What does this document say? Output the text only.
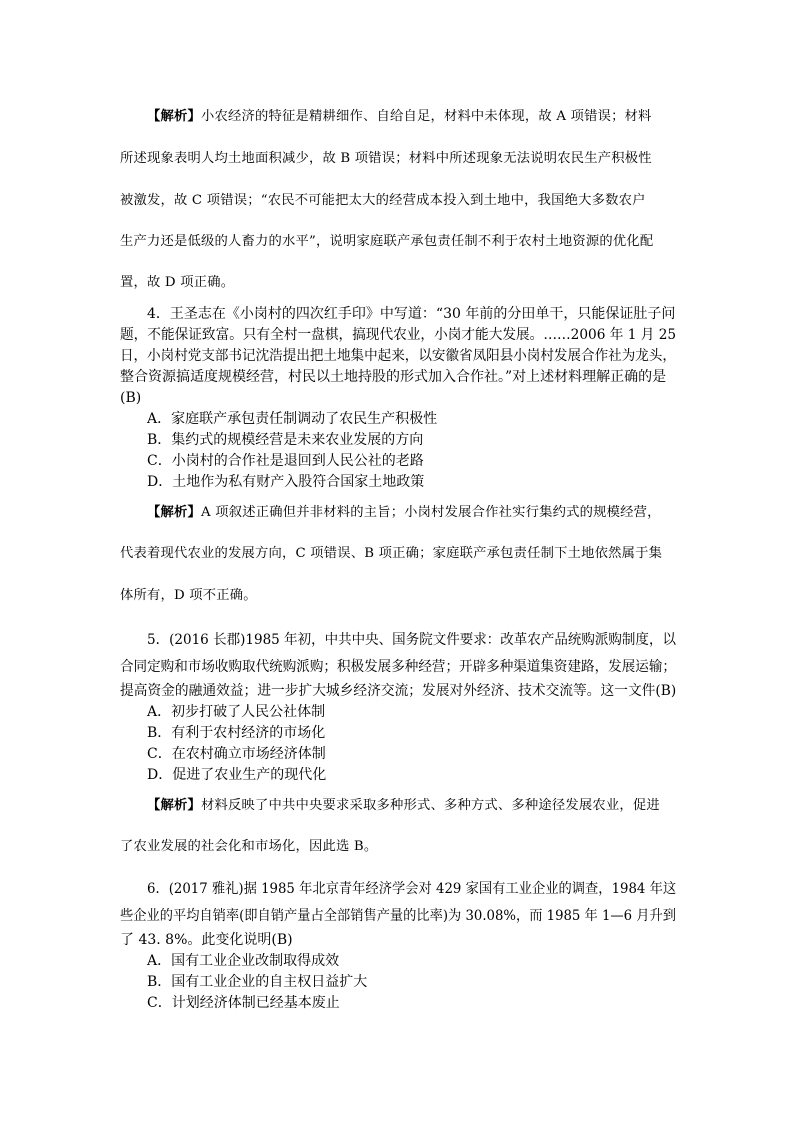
【解析】小农经济的特征是精耕细作、自给自足，材料中未体现，故 A 项错误；材料
所述现象表明人均土地面积减少，故 B 项错误；材料中所述现象无法说明农民生产积极性
被激发，故 C 项错误；“农民不可能把太大的经营成本投入到土地中，我国绝大多数农户
生产力还是低级的人畜力的水平”，说明家庭联产承包责任制不利于农村土地资源的优化配
置，故 D 项正确。
4．王圣志在《小岗村的四次红手印》中写道：“30 年前的分田单干，只能保证肚子问
题，不能保证致富。只有全村一盘棋，搞现代农业，小岗才能大发展。……2006 年 1 月 25
日，小岗村党支部书记沈浩提出把土地集中起来，以安徽省凤阳县小岗村发展合作社为龙头，
整合资源搞适度规模经营，村民以土地持股的形式加入合作社。”对上述材料理解正确的是
(B)
A．家庭联产承包责任制调动了农民生产积极性
B．集约式的规模经营是未来农业发展的方向
C．小岗村的合作社是退回到人民公社的老路
D．土地作为私有财产入股符合国家土地政策
【解析】A 项叙述正确但并非材料的主旨；小岗村发展合作社实行集约式的规模经营，
代表着现代农业的发展方向，C 项错误、B 项正确；家庭联产承包责任制下土地依然属于集
体所有，D 项不正确。
5．(2016 长郡)1985 年初，中共中央、国务院文件要求：改革农产品统购派购制度，以
合同定购和市场收购取代统购派购；积极发展多种经营；开辟多种渠道集资建路，发展运输；
提高资金的融通效益；进一步扩大城乡经济交流；发展对外经济、技术交流等。这一文件(B)
A．初步打破了人民公社体制
B．有利于农村经济的市场化
C．在农村确立市场经济体制
D．促进了农业生产的现代化
【解析】材料反映了中共中央要求采取多种形式、多种方式、多种途径发展农业，促进
了农业发展的社会化和市场化，因此选 B。
6．(2017 雅礼)据 1985 年北京青年经济学会对 429 家国有工业企业的调查，1984 年这
些企业的平均自销率(即自销产量占全部销售产量的比率)为 30.08%，而 1985 年 1—6 月升到
了 43. 8%。此变化说明(B)
A．国有工业企业改制取得成效
B．国有工业企业的自主权日益扩大
C．计划经济体制已经基本废止
